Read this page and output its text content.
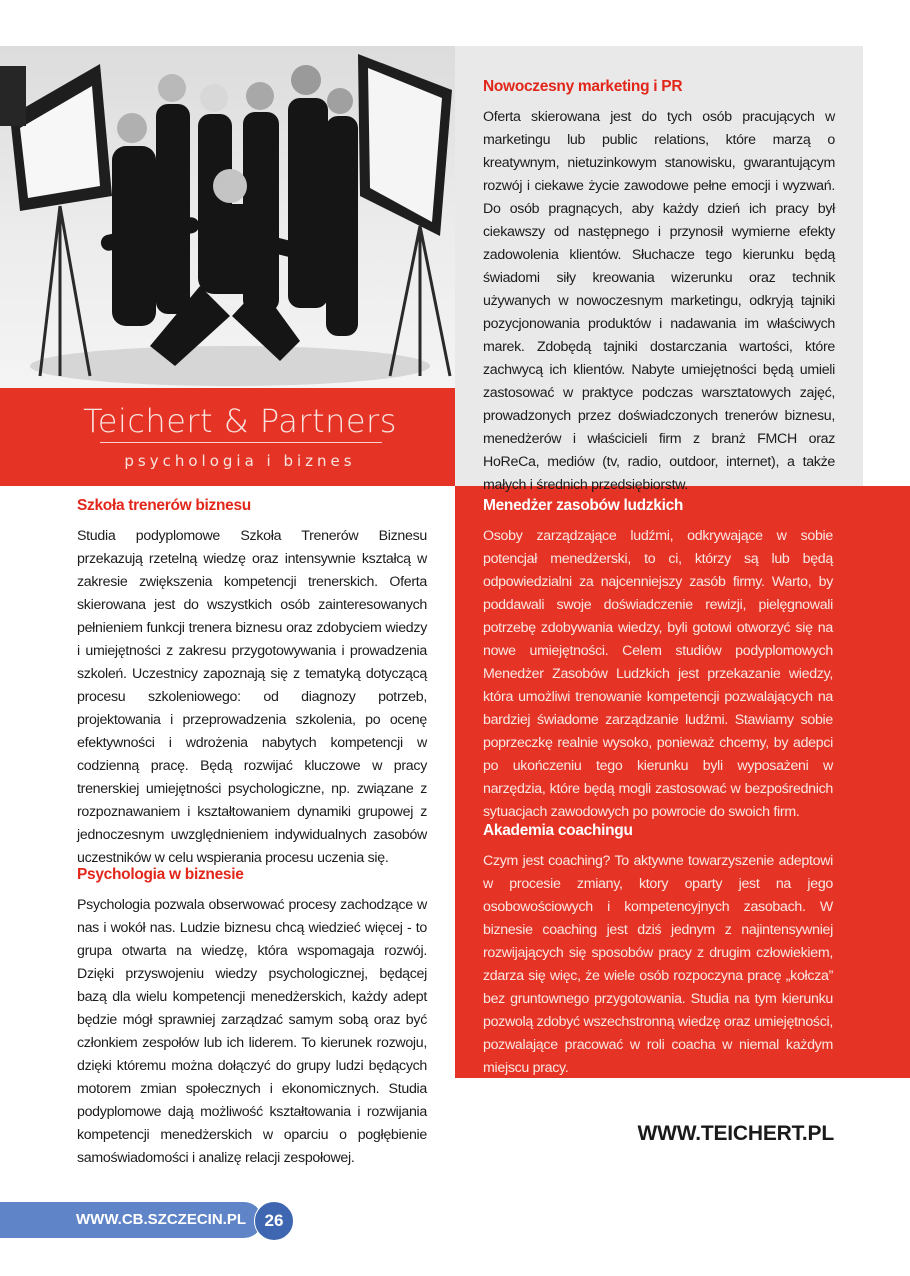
Teichert & Partners
psychologia i biznes
Nowoczesny marketing i PR

Oferta skierowana jest do tych osób pracujących w marketingu lub public relations, które marzą o kreatywnym, nietuzinkowym stanowisku, gwarantującym rozwój i ciekawe życie zawodowe pełne emocji i wyzwań. Do osób pragnących, aby każdy dzień ich pracy był ciekawszy od następnego i przynosił wymierne efekty zadowolenia klientów. Słuchacze tego kierunku będą świadomi siły kreowania wizerunku oraz technik używanych w nowoczesnym marketingu, odkryją tajniki pozycjonowania produktów i nadawania im właściwych marek. Zdobędą tajniki dostarczania wartości, które zachwycą ich klientów. Nabyte umiejętności będą umieli zastosować w praktyce podczas warsztatowych zajęć, prowadzonych przez doświadczonych trenerów biznesu, menedżerów i właścicieli firm z branż FMCH oraz HoReCa, mediów (tv, radio, outdoor, internet), a także małych i średnich przedsiębiorstw.

Menedżer zasobów ludzkich

Osoby zarządzające ludźmi, odkrywające w sobie potencjał menedżerski, to ci, którzy są lub będą odpowiedzialni za najcenniejszy zasób firmy. Warto, by poddawali swoje doświadczenie rewizji, pielęgnowali potrzebę zdobywania wiedzy, byli gotowi otworzyć się na nowe umiejętności. Celem studiów podyplomowych Menedżer Zasobów Ludzkich jest przekazanie wiedzy, która umożliwi trenowanie kompetencji pozwalających na bardziej świadome zarządzanie ludźmi. Stawiamy sobie poprzeczkę realnie wysoko, ponieważ chcemy, by adepci po ukończeniu tego kierunku byli wyposażeni w narzędzia, które będą mogli zastosować w bezpośrednich sytuacjach zawodowych po powrocie do swoich firm.

Akademia coachingu

Czym jest coaching? To aktywne towarzyszenie adeptowi w procesie zmiany, ktory oparty jest na jego osobowościowych i kompetencyjnych zasobach. W biznesie coaching jest dziś jednym z najintensywniej rozwijających się sposobów pracy z drugim człowiekiem, zdarza się więc, że wiele osób rozpoczyna pracę „kołcza” bez gruntownego przygotowania. Studia na tym kierunku pozwolą zdobyć wszechstronną wiedzę oraz umiejętności, pozwalające pracować w roli coacha w niemal każdym miejscu pracy.

Szkoła trenerów biznesu

Studia podyplomowe Szkoła Trenerów Biznesu przekazują rzetelną wiedzę oraz intensywnie kształcą w zakresie zwiększenia kompetencji trenerskich. Oferta skierowana jest do wszystkich osób zainteresowanych pełnieniem funkcji trenera biznesu oraz zdobyciem wiedzy i umiejętności z zakresu przygotowywania i prowadzenia szkoleń. Uczestnicy zapoznają się z tematyką dotyczącą procesu szkoleniowego: od diagnozy potrzeb, projektowania i przeprowadzenia szkolenia, po ocenę efektywności i wdrożenia nabytych kompetencji w codzienną pracę. Będą rozwijać kluczowe w pracy trenerskiej umiejętności psychologiczne, np. związane z rozpoznawaniem i kształtowaniem dynamiki grupowej z jednoczesnym uwzględnieniem indywidualnych zasobów uczestników w celu wspierania procesu uczenia się.

Psychologia w biznesie

Psychologia pozwala obserwować procesy zachodzące w nas i wokół nas. Ludzie biznesu chcą wiedzieć więcej - to grupa otwarta na wiedzę, która wspomagaja rozwój. Dzięki przyswojeniu wiedzy psychologicznej, będącej bazą dla wielu kompetencji menedżerskich, każdy adept będzie mógł sprawniej zarządzać samym sobą oraz być członkiem zespołów lub ich liderem. To kierunek rozwoju, dzięki któremu można dołączyć do grupy ludzi będących motorem zmian społecznych i ekonomicznych. Studia podyplomowe dają możliwość kształtowania i rozwijania kompetencji menedżerskich w oparciu o pogłębienie samoświadomości i analizę relacji zespołowej.

WWW.TEICHERT.PL
WWW.CB.SZCZECIN.PL	26
